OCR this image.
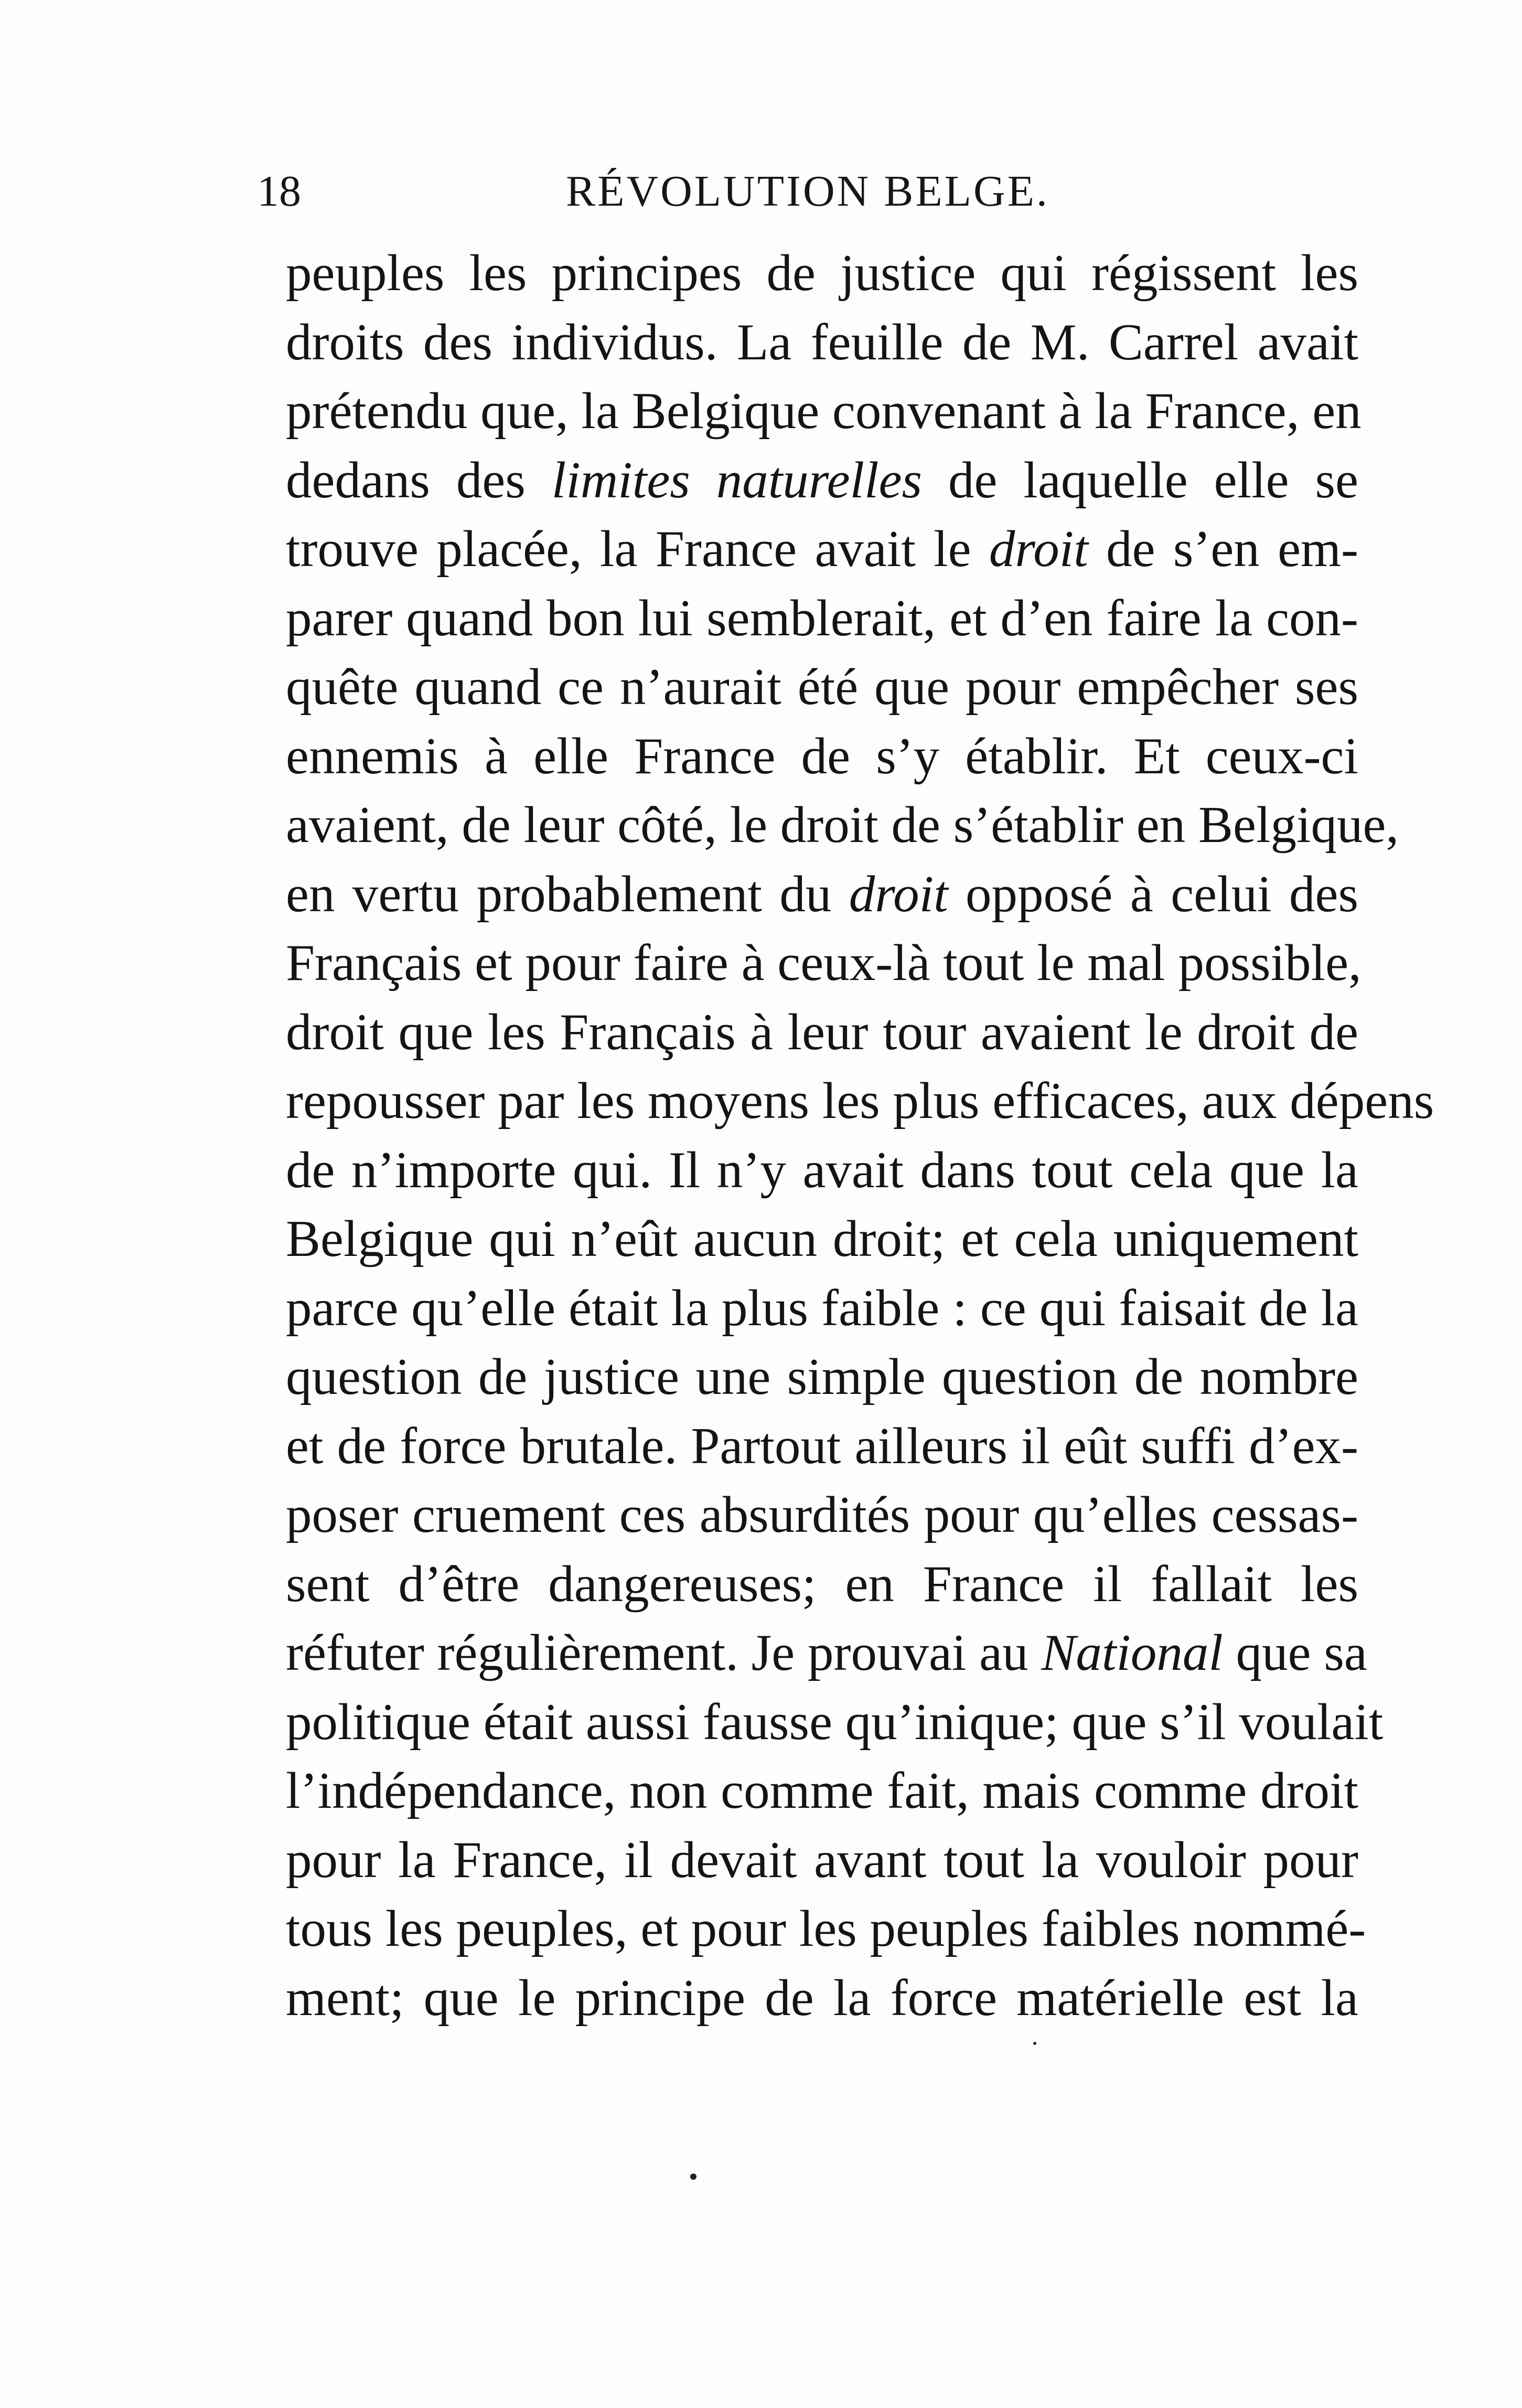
18	RÉVOLUTION BELGE.
peuples les principes de justice qui régissent les
droits des individus. La feuille de M. Carrel avait
prétendu que, la Belgique convenant à la France, en
dedans des limites naturelles de laquelle elle se
trouve placée, la France avait le droit de s’en em-
parer quand bon lui semblerait, et d’en faire la con-
quête quand ce n’aurait été que pour empêcher ses
ennemis à elle France de s’y établir. Et ceux-ci
avaient, de leur côté, le droit de s’établir en Belgique,
en vertu probablement du droit opposé à celui des
Français et pour faire à ceux-là tout le mal possible,
droit que les Français à leur tour avaient le droit de
repousser par les moyens les plus efficaces, aux dépens
de n’importe qui. Il n’y avait dans tout cela que la
Belgique qui n’eût aucun droit; et cela uniquement
parce qu’elle était la plus faible : ce qui faisait de la
question de justice une simple question de nombre
et de force brutale. Partout ailleurs il eût suffi d’ex-
poser cruement ces absurdités pour qu’elles cessas-
sent d’être dangereuses; en France il fallait les
réfuter régulièrement. Je prouvai au National que sa
politique était aussi fausse qu’inique; que s’il voulait
l’indépendance, non comme fait, mais comme droit
pour la France, il devait avant tout la vouloir pour
tous les peuples, et pour les peuples faibles nommé-
ment; que le principe de la force matérielle est la
